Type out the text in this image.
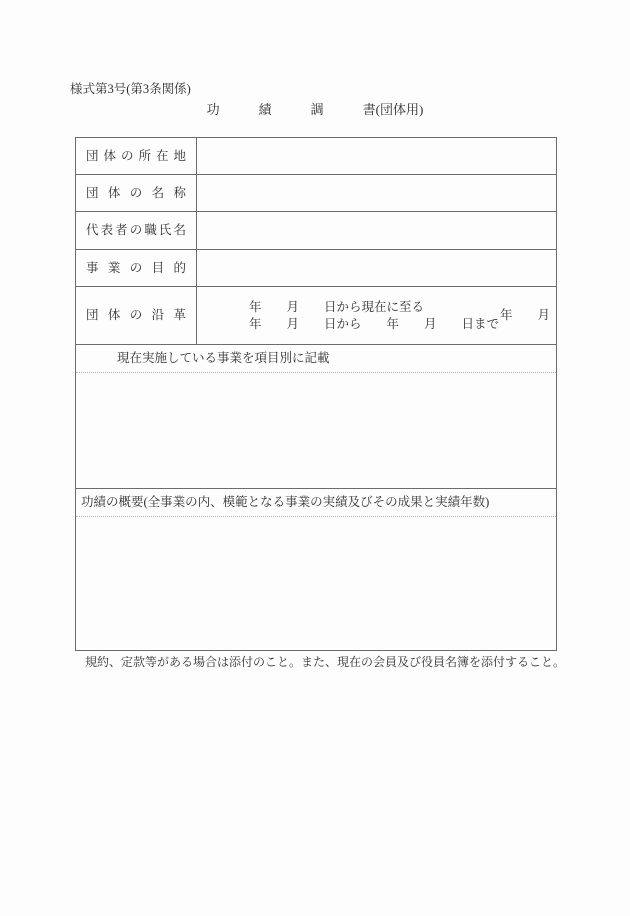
様式第3号(第3条関係)
功　　　績　　　調　　　書(団体用)
団体の所在地
団体の名称
代表者の職氏名
事業の目的
団体の沿革
年　　月　　日から現在に至る
年　　月　　日から　　年　　月　　日まで
年　　月
現在実施している事業を項目別に記載
功績の概要(全事業の内、模範となる事業の実績及びその成果と実績年数)
規約、定款等がある場合は添付のこと。また、現在の会員及び役員名簿を添付すること。
